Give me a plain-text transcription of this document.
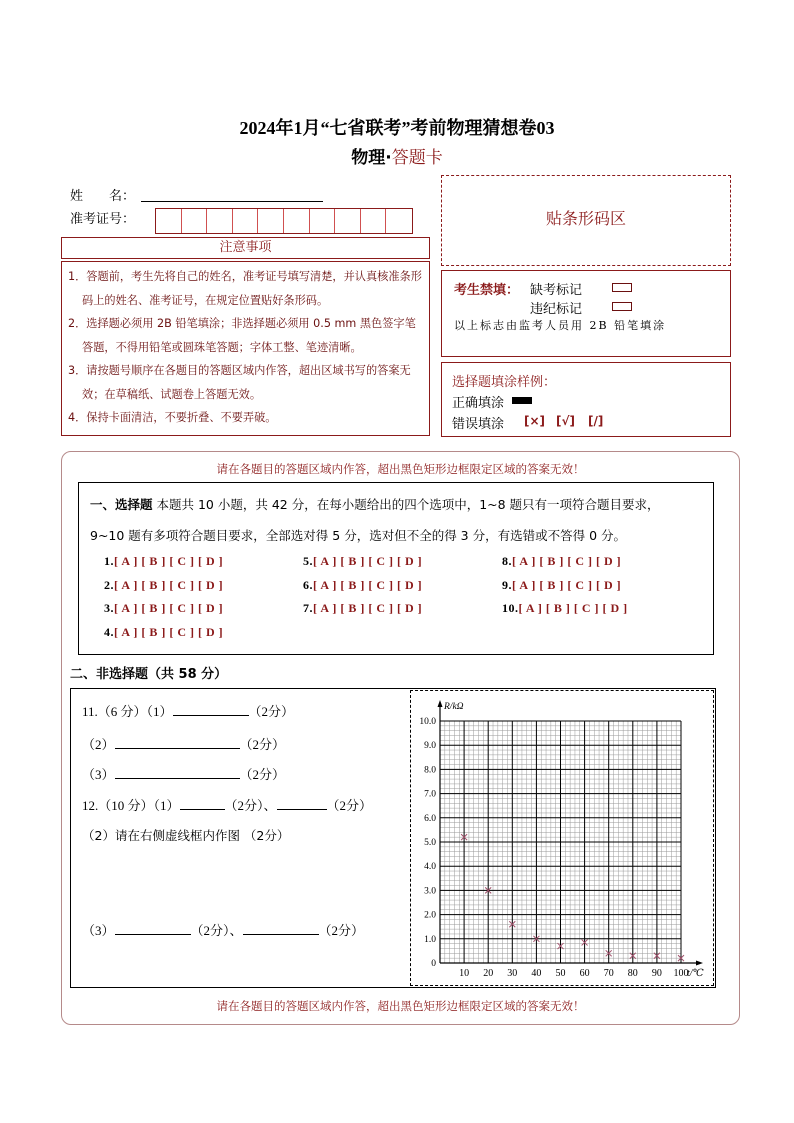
2024年1月“七省联考”考前物理猜想卷03
物理·答题卡
姓　　名：
准考证号：
注意事项
1．答题前，考生先将自己的姓名，准考证号填写清楚，并认真核准条形码上的姓名、准考证号，在规定位置贴好条形码。
2．选择题必须用 2B 铅笔填涂；非选择题必须用 0.5 mm 黑色签字笔答题，不得用铅笔或圆珠笔答题；字体工整、笔迹清晰。
3．请按题号顺序在各题目的答题区域内作答，超出区域书写的答案无效；在草稿纸、试题卷上答题无效。
4．保持卡面清洁，不要折叠、不要弄破。
贴条形码区
考生禁填： 缺考标记
违纪标记
以上标志由监考人员用 2B 铅笔填涂
选择题填涂样例：
正确填涂
错误填涂 [×] [√] [/]
请在各题目的答题区域内作答，超出黑色矩形边框限定区域的答案无效！
一、选择题 本题共 10 小题，共 42 分，在每小题给出的四个选项中，1~8 题只有一项符合题目要求，
9~10 题有多项符合题目要求，全部选对得 5 分，选对但不全的得 3 分，有选错或不答得 0 分。
1.[ A ] [ B ] [ C ] [ D ]
2.[ A ] [ B ] [ C ] [ D ]
3.[ A ] [ B ] [ C ] [ D ]
4.[ A ] [ B ] [ C ] [ D ]
5.[ A ] [ B ] [ C ] [ D ]
6.[ A ] [ B ] [ C ] [ D ]
7.[ A ] [ B ] [ C ] [ D ]
8.[ A ] [ B ] [ C ] [ D ]
9.[ A ] [ B ] [ C ] [ D ]
10.[ A ] [ B ] [ C ] [ D ]
二、非选择题（共 58 分）
11.（6 分）（1）	（2分）
（2）	（2分）
（3）	（2分）
12.（10 分）（1）	（2分）、	（2分）
（2）请在右侧虚线框内作图 （2分）
（3）	（2分）、	（2分）
10 20 30 40 50 60 70 80 90 100
0
1.0
2.0
3.0
4.0
5.0
6.0
7.0
8.0
9.0
10.0
R/kΩ
t/℃
请在各题目的答题区域内作答，超出黑色矩形边框限定区域的答案无效！
